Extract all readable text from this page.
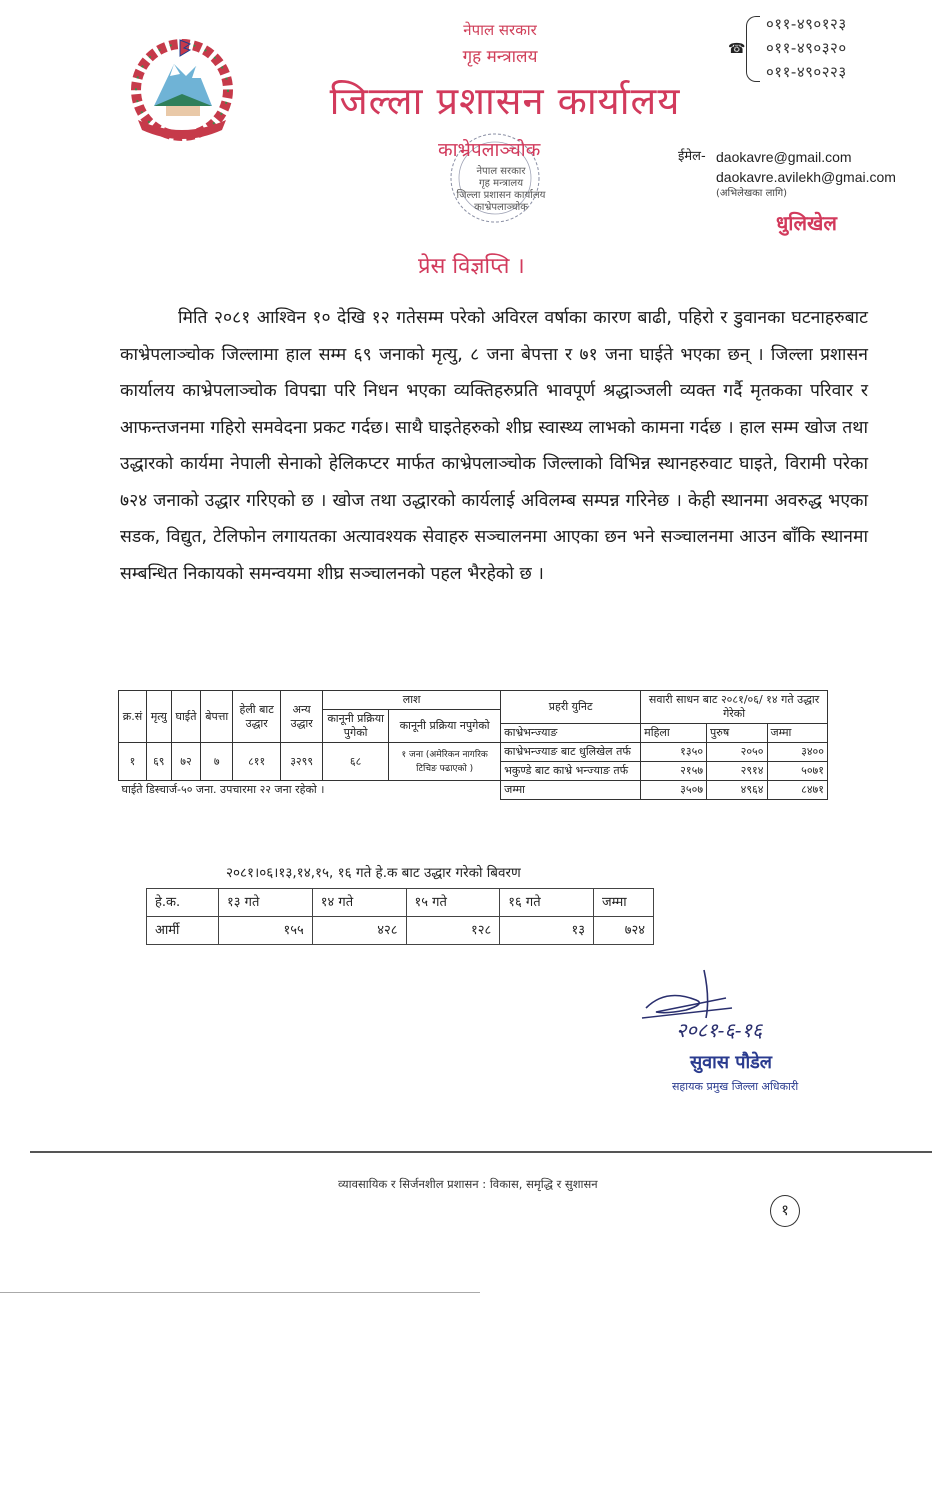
नेपाल सरकार
गृह मन्त्रालय
जिल्ला प्रशासन कार्यालय
☎
०११-४९०१२३
०११-४९०३२०
०११-४९०२२३
काभ्रेपलाञ्चोक
नेपाल सरकार
गृह मन्त्रालय
जिल्ला प्रशासन कार्यालय
काभ्रेपलाञ्चोक
ईमेल- daokavre@gmail.com
daokavre.avilekh@gmai.com
(अभिलेखका लागि)
धुलिखेल
प्रेस विज्ञप्ति ।

मिति २०८१ आश्विन १० देखि १२ गतेसम्म परेको अविरल वर्षाका कारण बाढी, पहिरो र डुवानका घटनाहरुबाट काभ्रेपलाञ्चोक जिल्लामा हाल सम्म ६९ जनाको मृत्यु, ८ जना बेपत्ता र ७१ जना घाईते भएका छन् । जिल्ला प्रशासन कार्यालय काभ्रेपलाञ्चोक विपद्मा परि निधन भएका व्यक्तिहरुप्रति भावपूर्ण श्रद्धाञ्जली व्यक्त गर्दै मृतकका परिवार र आफन्तजनमा गहिरो समवेदना प्रकट गर्दछ। साथै घाइतेहरुको शीघ्र स्वास्थ्य लाभको कामना गर्दछ । हाल सम्म खोज तथा उद्धारको कार्यमा नेपाली सेनाको हेलिकप्टर मार्फत काभ्रेपलाञ्चोक जिल्लाको विभिन्न स्थानहरुवाट घाइते, विरामी परेका ७२४ जनाको उद्धार गरिएको छ । खोज तथा उद्धारको कार्यलाई अविलम्ब सम्पन्न गरिनेछ । केही स्थानमा अवरुद्ध भएका सडक, विद्युत, टेलिफोन लगायतका अत्यावश्यक सेवाहरु सञ्चालनमा आएका छन भने सञ्चालनमा आउन बाँकि स्थानमा सम्बन्धित निकायको समन्वयमा शीघ्र सञ्चालनको पहल भैरहेको छ ।

क्र.सं	मृत्यु	घाईते	बेपत्ता	हेली बाट उद्धार	अन्य उद्धार	लाश		प्रहरी युनिट	सवारी साधन बाट २०८१/०६/ १४ गते उद्धार गेरेको		
						कानूनी प्रक्रिया पुगेको	कानूनी प्रक्रिया नपुगेको				
								काभ्रेभन्ज्याङ	महिला	पुरुष	जम्मा
१	६९	७२	७	८११	३२९९	६८	१ जना (अमेरिकन नागरिक टिचिङ फ्ढाएको )	काभ्रेभन्ज्याङ बाट धुलिखेल तर्फ	१३५०	२०५०	३४००
								भकुण्डे बाट काभ्रे भन्ज्याङ तर्फ	२१५७	२९१४	५०७१
घाईते डिस्चार्ज-५० जना. उपचारमा २२ जना रहेको ।								जम्मा	३५०७	४९६४	८४७१
२०८१।०६।१३,१४,१५, १६ गते हे.क बाट उद्धार गरेको बिवरण
हे.क.	१३ गते	१४ गते	१५ गते	१६ गते	जम्मा
आर्मी	१५५	४२८	१२८	१३	७२४
२०८१-६-१६
सुवास पौडेल
सहायक प्रमुख जिल्ला अधिकारी
व्यावसायिक र सिर्जनशील प्रशासन : विकास, समृद्धि र सुशासन
१
